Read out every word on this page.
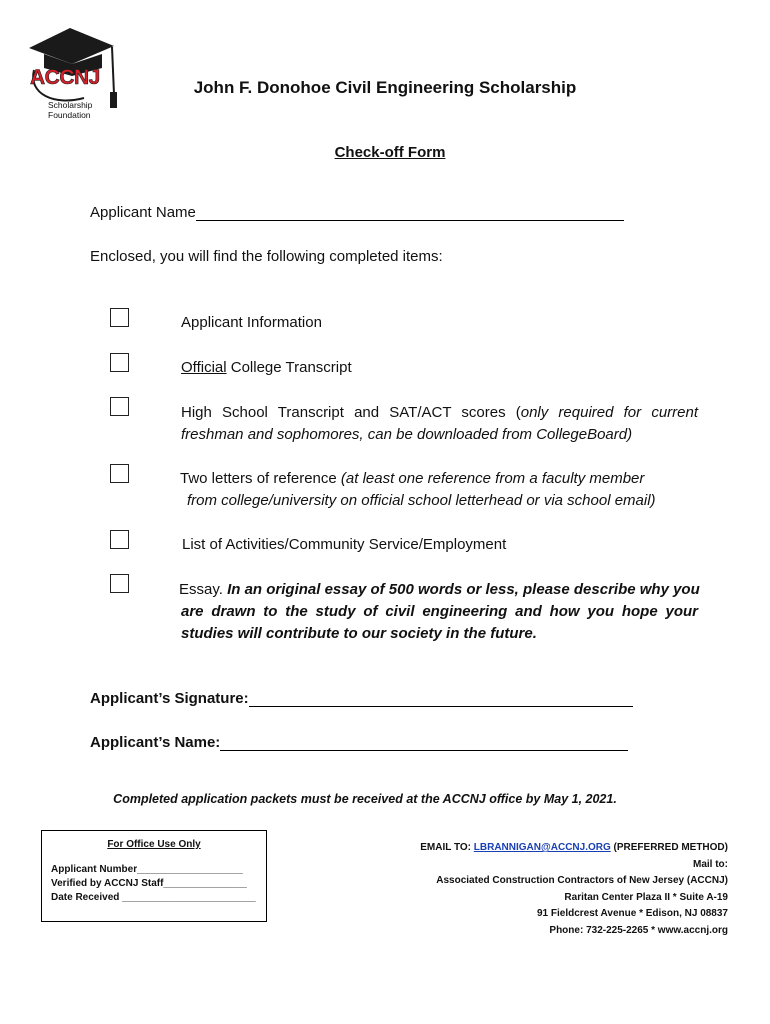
ACCNJ
Scholarship
Foundation
John F. Donohoe Civil Engineering Scholarship
Check-off Form
Applicant Name
Enclosed, you will find the following completed items:
Applicant Information
Official College Transcript
High School Transcript and SAT/ACT scores (only required for current freshman and sophomores, can be downloaded from CollegeBoard)
Two letters of reference (at least one reference from a faculty member
from college/university on official school letterhead or via school email)
List of Activities/Community Service/Employment
Essay. In an original essay of 500 words or less, please describe why you
are drawn to the study of civil engineering and how you hope your studies will contribute to our society in the future.
Applicant’s Signature:
Applicant’s Name:
Completed application packets must be received at the ACCNJ office by May 1, 2021.
For Office Use Only
Applicant Number___________________
Verified by ACCNJ Staff_______________
Date Received ________________________
EMAIL TO: LBRANNIGAN@ACCNJ.ORG (PREFERRED METHOD)
Mail to:
Associated Construction Contractors of New Jersey (ACCNJ)
Raritan Center Plaza II * Suite A-19
91 Fieldcrest Avenue * Edison, NJ 08837
Phone: 732-225-2265 * www.accnj.org
